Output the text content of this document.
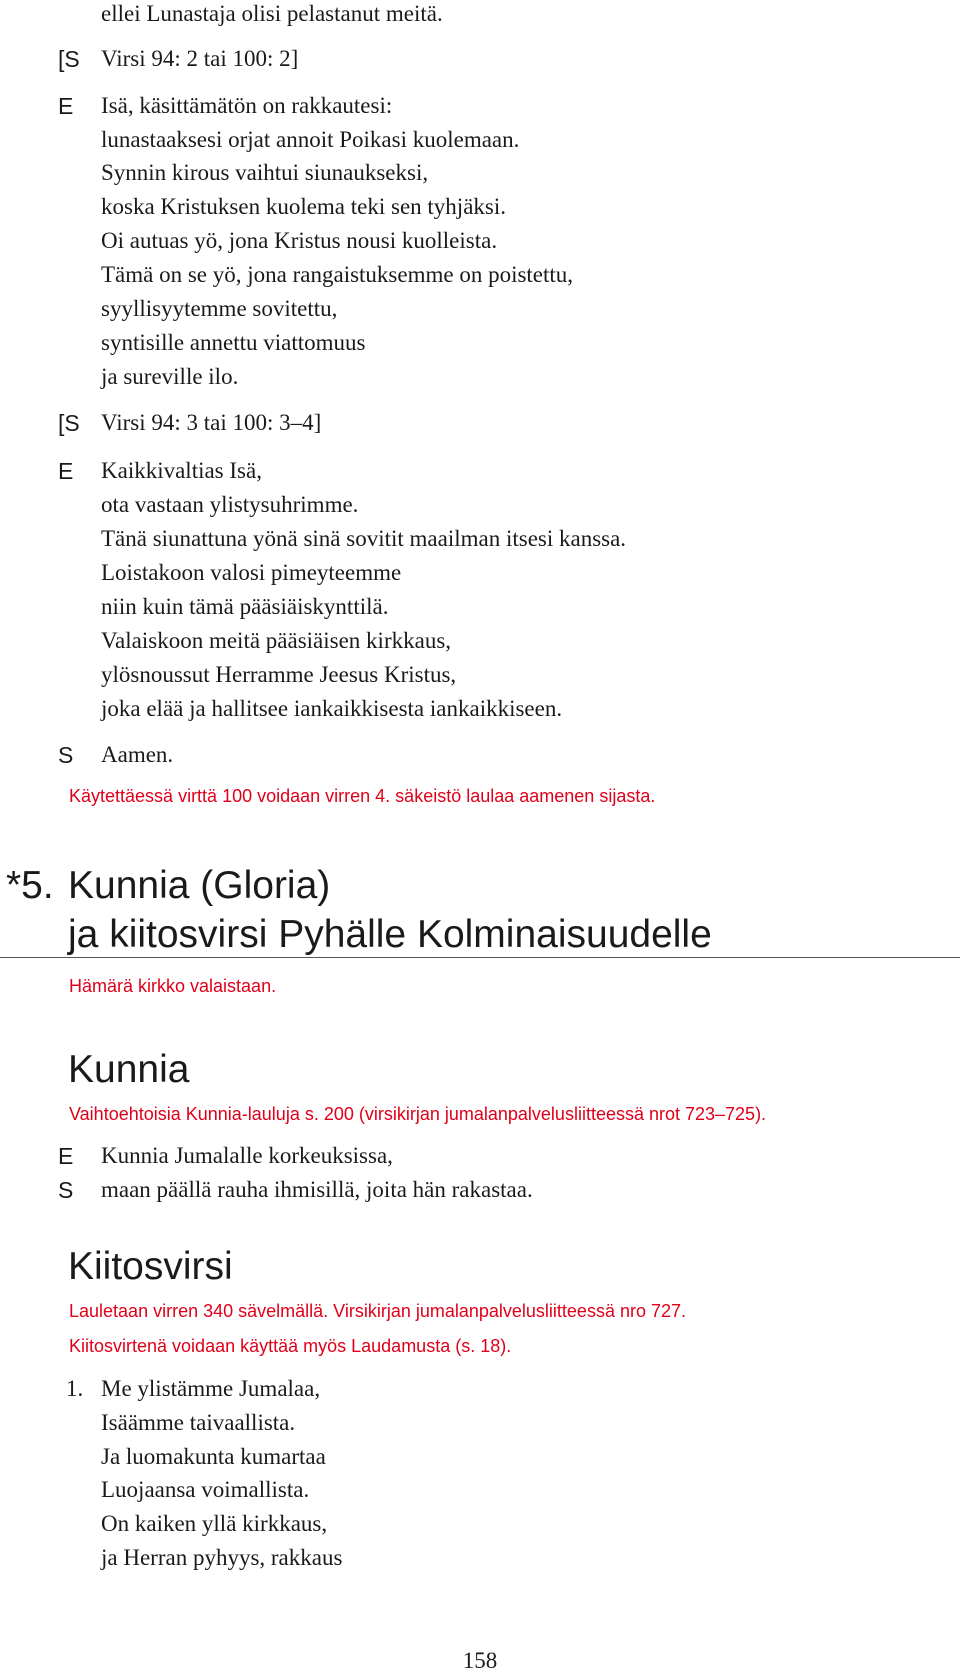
ellei Lunastaja olisi pelastanut meitä.
[S Virsi 94: 2 tai 100: 2]
E Isä, käsittämätön on rakkautesi:
lunastaaksesi orjat annoit Poikasi kuolemaan.
Synnin kirous vaihtui siunaukseksi,
koska Kristuksen kuolema teki sen tyhjäksi.
Oi autuas yö, jona Kristus nousi kuolleista.
Tämä on se yö, jona rangaistuksemme on poistettu,
syyllisyytemme sovitettu,
syntisille annettu viattomuus
ja sureville ilo.
[S Virsi 94: 3 tai 100: 3–4]
E Kaikkivaltias Isä,
ota vastaan ylistysuhrimme.
Tänä siunattuna yönä sinä sovitit maailman itsesi kanssa.
Loistakoon valosi pimeyteemme
niin kuin tämä pääsiäiskynttilä.
Valaiskoon meitä pääsiäisen kirkkaus,
ylösnoussut Herramme Jeesus Kristus,
joka elää ja hallitsee iankaikkisesta iankaikkiseen.
S Aamen.
Käytettäessä virttä 100 voidaan virren 4. säkeistö laulaa aamenen sijasta.
*5. Kunnia (Gloria)
ja kiitosvirsi Pyhälle Kolminaisuudelle
Hämärä kirkko valaistaan.
Kunnia
Vaihtoehtoisia Kunnia-lauluja s. 200 (virsikirjan jumalanpalvelusliitteessä nrot 723–725).
E Kunnia Jumalalle korkeuksissa,
S maan päällä rauha ihmisillä, joita hän rakastaa.
Kiitosvirsi
Lauletaan virren 340 sävelmällä. Virsikirjan jumalanpalvelusliitteessä nro 727.
Kiitosvirtenä voidaan käyttää myös Laudamusta (s. 18).
1. Me ylistämme Jumalaa,
Isäämme taivaallista.
Ja luomakunta kumartaa
Luojaansa voimallista.
On kaiken yllä kirkkaus,
ja Herran pyhyys, rakkaus
158
